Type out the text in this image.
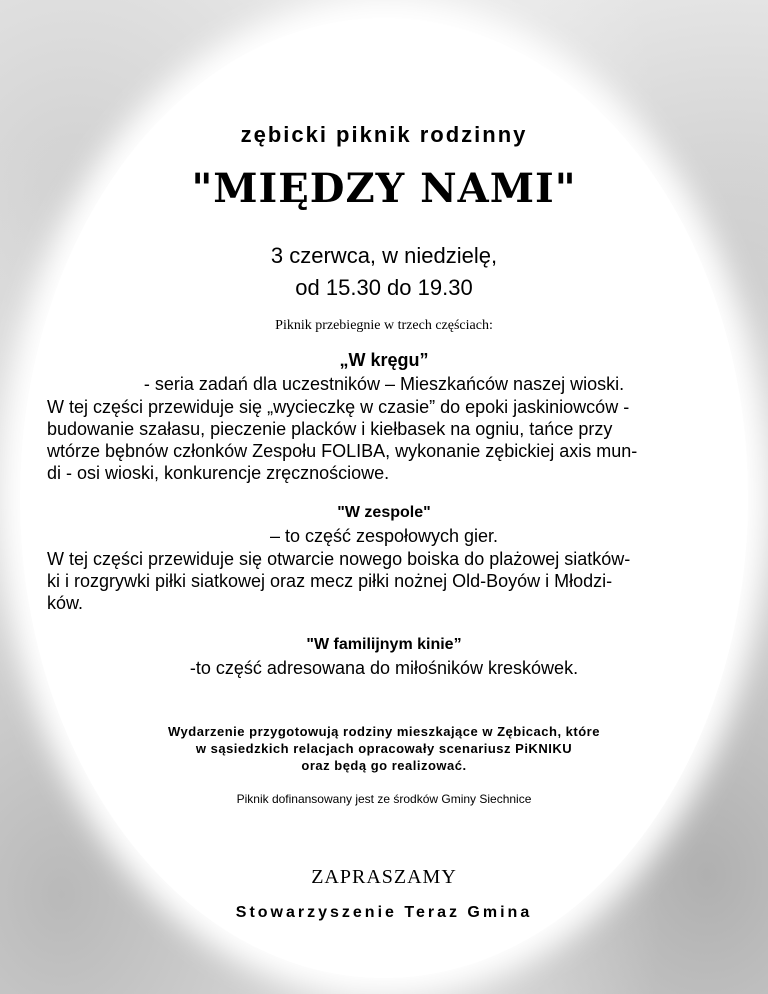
zębicki piknik rodzinny

"MIĘDZY NAMI"

3 czerwca, w niedzielę,
od 15.30 do 19.30

Piknik przebiegnie w trzech częściach:

„W kręgu”

- seria zadań dla uczestników – Mieszkańców naszej wioski.

W tej części przewiduje się „wycieczkę w czasie” do epoki jaskiniowców -
budowanie szałasu, pieczenie placków i kiełbasek na ogniu, tańce przy
wtórze bębnów członków Zespołu FOLIBA, wykonanie zębickiej axis mun-
di - osi wioski, konkurencje zręcznościowe.

"W zespole"

– to część zespołowych gier.

W tej części przewiduje się otwarcie nowego boiska do plażowej siatków-
ki i rozgrywki piłki siatkowej oraz mecz piłki nożnej Old-Boyów i Młodzi-
ków.

"W familijnym kinie”

-to część adresowana do miłośników kreskówek.

Wydarzenie przygotowują rodziny mieszkające w Zębicach, które
w sąsiedzkich relacjach opracowały scenariusz PiKNIKU
oraz będą go realizować.

Piknik dofinansowany jest ze środków Gminy Siechnice

ZAPRASZAMY

Stowarzyszenie Teraz Gmina
